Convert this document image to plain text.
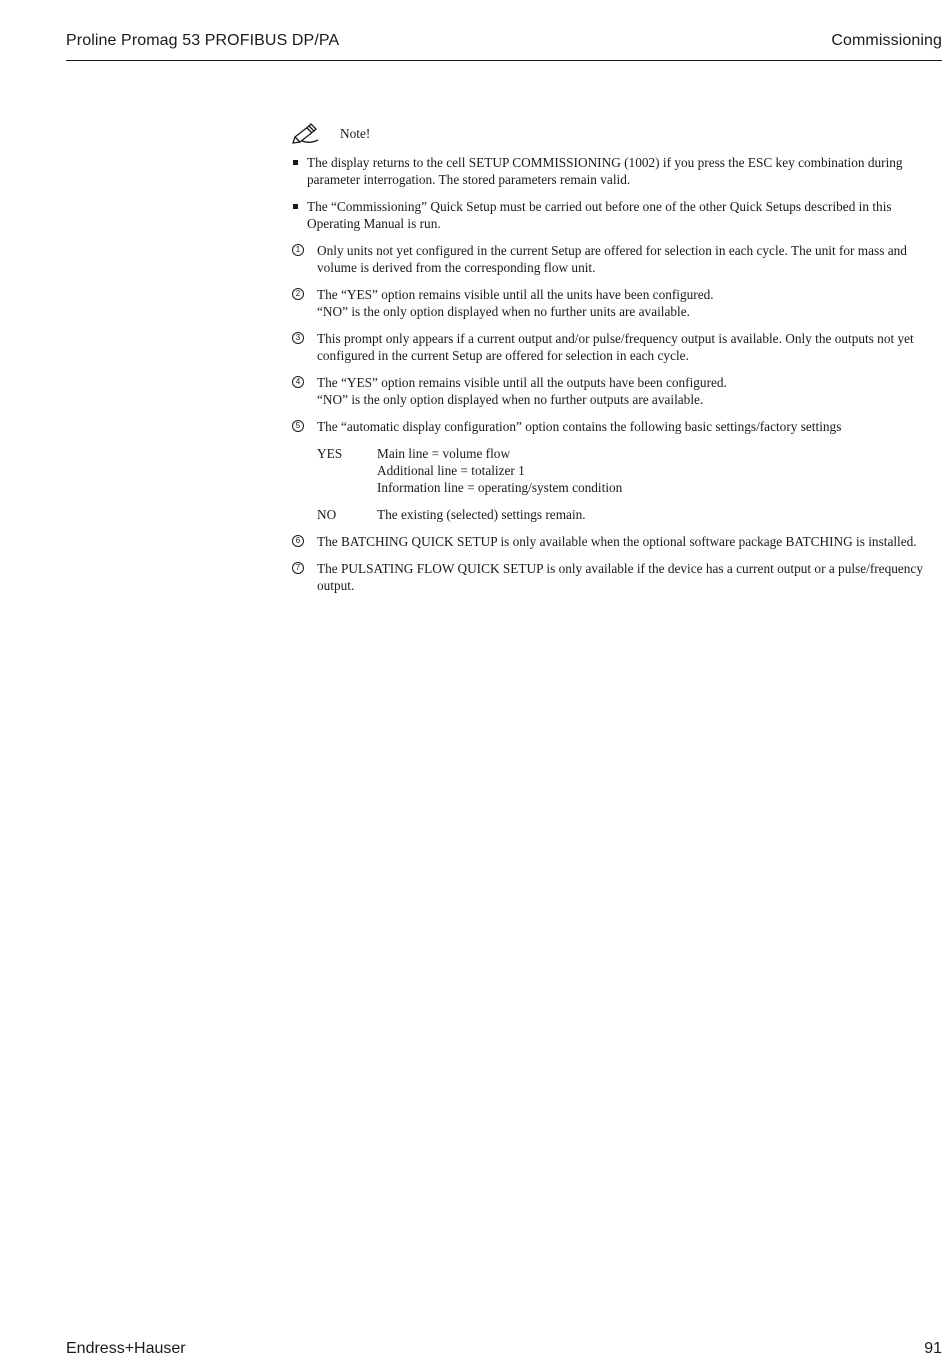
Proline Promag 53 PROFIBUS DP/PA	Commissioning
Note!
The display returns to the cell SETUP COMMISSIONING (1002) if you press the ESC key combination during parameter interrogation. The stored parameters remain valid.
The “Commissioning” Quick Setup must be carried out before one of the other Quick Setups described in this Operating Manual is run.
1 Only units not yet configured in the current Setup are offered for selection in each cycle. The unit for mass and volume is derived from the corresponding flow unit.
2 The “YES” option remains visible until all the units have been configured.
“NO” is the only option displayed when no further units are available.
3 This prompt only appears if a current output and/or pulse/frequency output is available. Only the outputs not yet configured in the current Setup are offered for selection in each cycle.
4 The “YES” option remains visible until all the outputs have been configured.
“NO” is the only option displayed when no further outputs are available.
5 The “automatic display configuration” option contains the following basic settings/factory settings
YES	Main line = volume flow
Additional line = totalizer 1
Information line = operating/system condition
NO	The existing (selected) settings remain.
6 The BATCHING QUICK SETUP is only available when the optional software package BATCHING is installed.
7 The PULSATING FLOW QUICK SETUP is only available if the device has a current output or a pulse/frequency output.
Endress+Hauser	91
